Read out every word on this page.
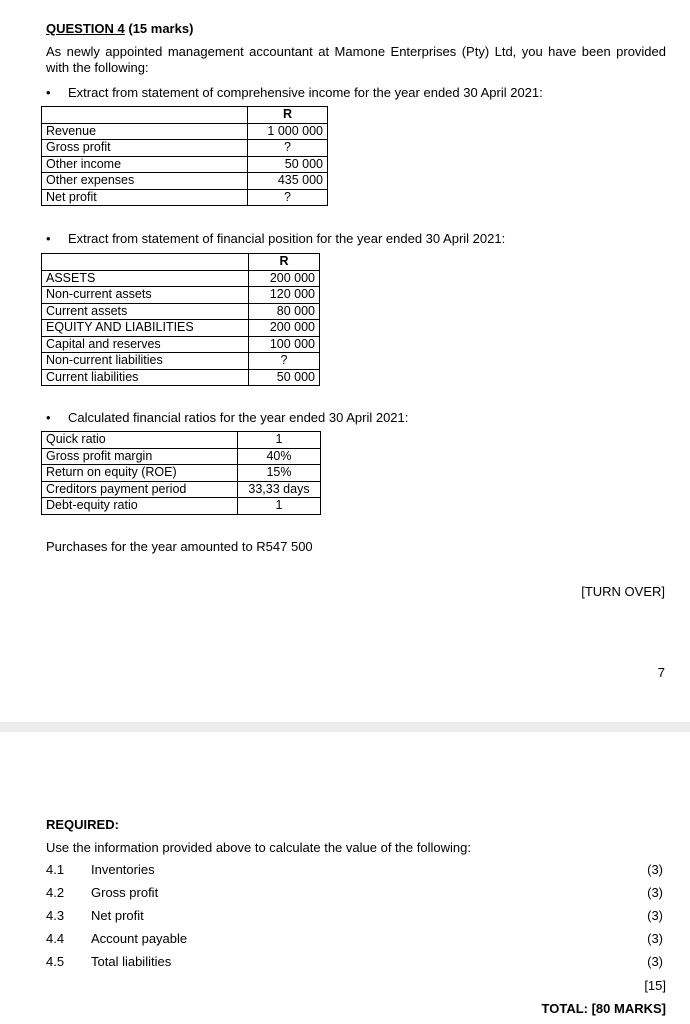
QUESTION 4 (15 marks)
As newly appointed management accountant at Mamone Enterprises (Pty) Ltd, you have been provided with the following:
• Extract from statement of comprehensive income for the year ended 30 April 2021:
	R
Revenue	1 000 000
Gross profit	?
Other income	50 000
Other expenses	435 000
Net profit	?
• Extract from statement of financial position for the year ended 30 April 2021:
	R
ASSETS	200 000
Non-current assets	120 000
Current assets	80 000
EQUITY AND LIABILITIES	200 000
Capital and reserves	100 000
Non-current liabilities	?
Current liabilities	50 000
• Calculated financial ratios for the year ended 30 April 2021:
Quick ratio	1
Gross profit margin	40%
Return on equity (ROE)	15%
Creditors payment period	33,33 days
Debt-equity ratio	1
Purchases for the year amounted to R547 500
[TURN OVER]
7
REQUIRED:
Use the information provided above to calculate the value of the following:
4.1 Inventories	(3)
4.2 Gross profit	(3)
4.3 Net profit	(3)
4.4 Account payable	(3)
4.5 Total liabilities	(3)
[15]
TOTAL: [80 MARKS]
